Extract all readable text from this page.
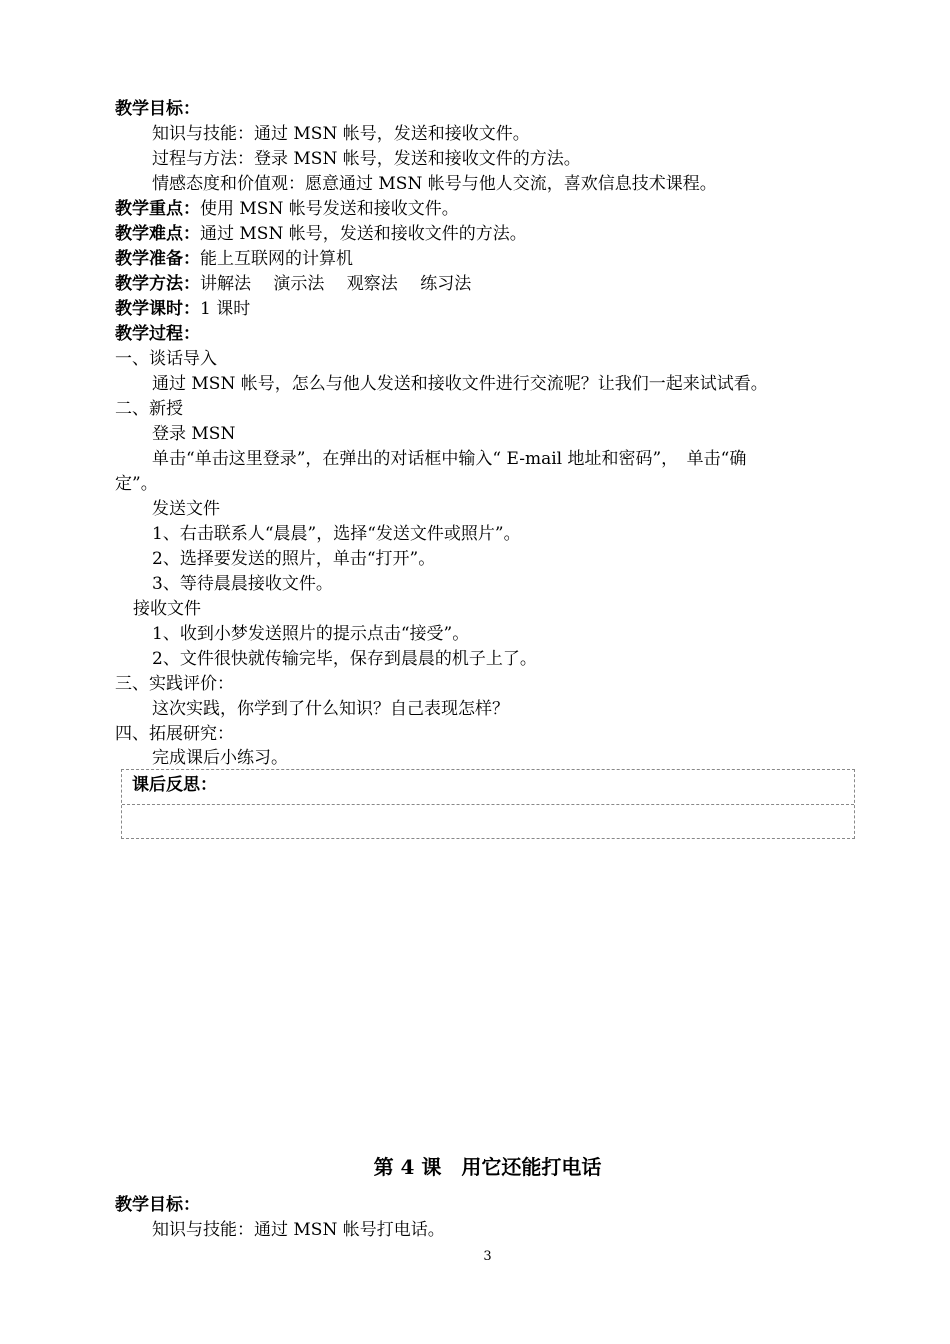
教学目标：
知识与技能：通过 MSN 帐号，发送和接收文件。
过程与方法：登录 MSN 帐号，发送和接收文件的方法。
情感态度和价值观：愿意通过 MSN 帐号与他人交流，喜欢信息技术课程。
教学重点：使用 MSN 帐号发送和接收文件。
教学难点：通过 MSN 帐号，发送和接收文件的方法。
教学准备：能上互联网的计算机
教学方法：讲解法　 演示法　 观察法　 练习法
教学课时：1 课时
教学过程：
一、谈话导入
通过 MSN 帐号，怎么与他人发送和接收文件进行交流呢？让我们一起来试试看。
二、新授
登录 MSN
单击“单击这里登录”，在弹出的对话框中输入“ E-mail 地址和密码”，　单击“确
定”。
发送文件
1、右击联系人“晨晨”，选择“发送文件或照片”。
2、选择要发送的照片，单击“打开”。
3、等待晨晨接收文件。
接收文件
1、收到小梦发送照片的提示点击“接受”。
2、文件很快就传输完毕，保存到晨晨的机子上了。
三、实践评价：
这次实践，你学到了什么知识？自己表现怎样？
四、拓展研究：
完成课后小练习。
课后反思：
第 4 课　用它还能打电话
教学目标：
知识与技能：通过 MSN 帐号打电话。
3
